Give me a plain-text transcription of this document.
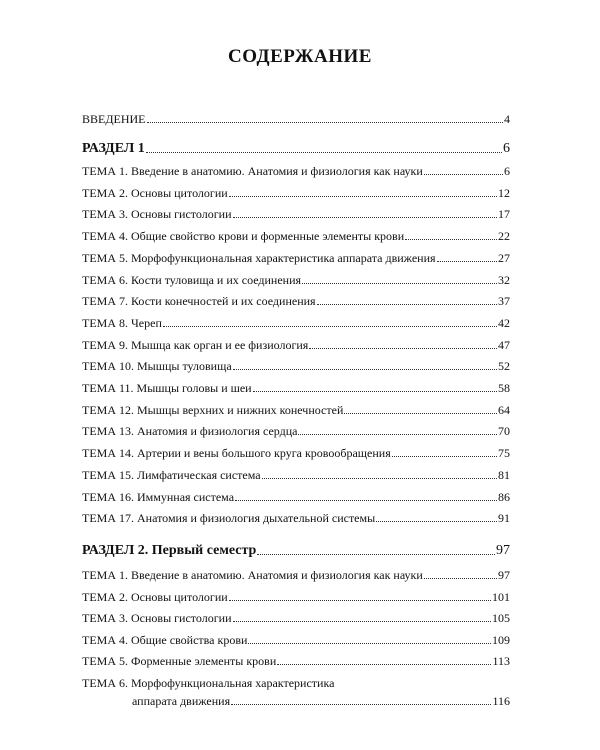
СОДЕРЖАНИЕ
ВВЕДЕНИЕ	4
РАЗДЕЛ 1	6
ТЕМА 1. Введение в анатомию. Анатомия и физиология как науки	6
ТЕМА 2. Основы цитологии	12
ТЕМА 3. Основы гистологии	17
ТЕМА 4. Общие свойство крови и форменные элементы крови	22
ТЕМА 5. Морфофункциональная характеристика аппарата движения	27
ТЕМА 6. Кости туловища и их соединения	32
ТЕМА 7. Кости конечностей и их соединения	37
ТЕМА 8. Череп	42
ТЕМА 9. Мышца как орган и ее физиология	47
ТЕМА 10. Мышцы туловища	52
ТЕМА 11. Мышцы головы и шеи	58
ТЕМА 12. Мышцы верхних и нижних конечностей	64
ТЕМА 13. Анатомия и физиология сердца	70
ТЕМА 14. Артерии и вены большого круга кровообращения	75
ТЕМА 15. Лимфатическая система	81
ТЕМА 16. Иммунная система	86
ТЕМА 17. Анатомия и физиология дыхательной системы	91
РАЗДЕЛ 2. Первый семестр	97
ТЕМА 1. Введение в анатомию. Анатомия и физиология как науки	97
ТЕМА 2. Основы цитологии	101
ТЕМА 3. Основы гистологии	105
ТЕМА 4. Общие свойства крови	109
ТЕМА 5. Форменные элементы крови	113
ТЕМА 6. Морфофункциональная характеристика
аппарата движения	116
